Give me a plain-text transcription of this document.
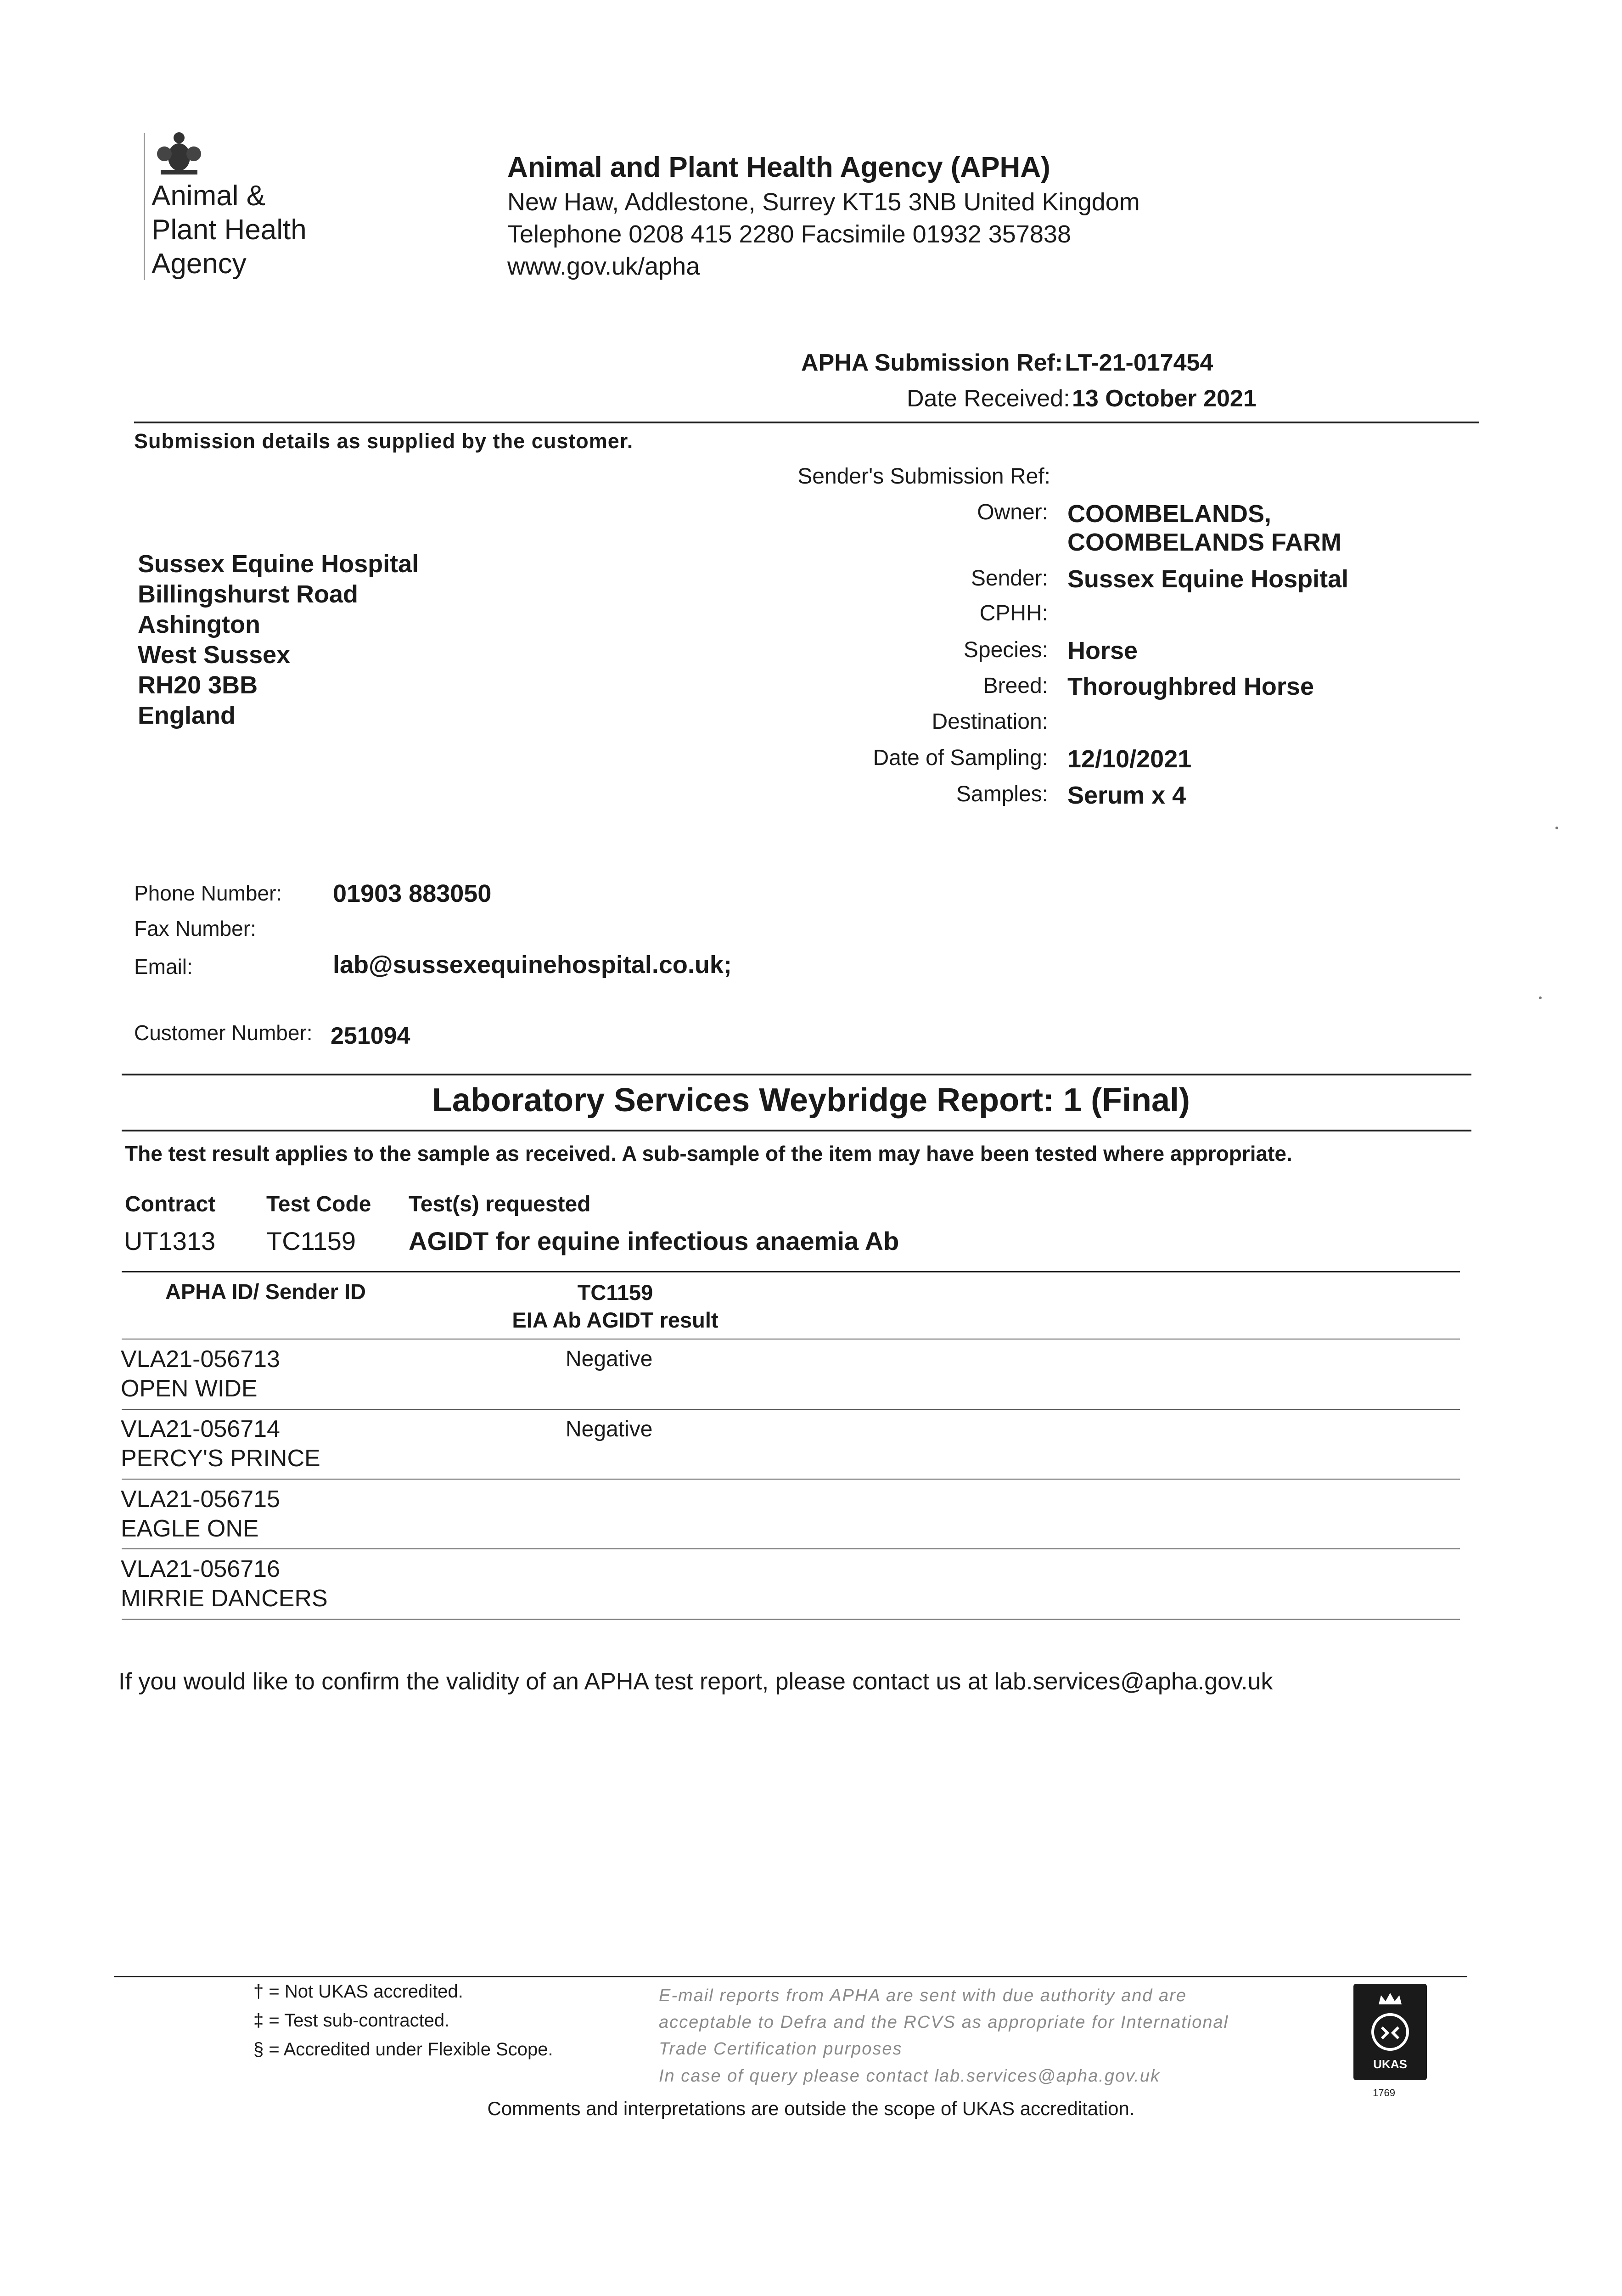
Animal &
Plant Health
Agency
Animal and Plant Health Agency (APHA)
New Haw, Addlestone, Surrey KT15 3NB United Kingdom
Telephone 0208 415 2280 Facsimile 01932 357838
www.gov.uk/apha
APHA Submission Ref: LT-21-017454
Date Received: 13 October 2021
Submission details as supplied by the customer.
Sussex Equine Hospital
Billingshurst Road
Ashington
West Sussex
RH20 3BB
England
Sender's Submission Ref:
Owner: COOMBELANDS,
COOMBELANDS FARM
Sender: Sussex Equine Hospital
CPHH:
Species: Horse
Breed: Thoroughbred Horse
Destination:
Date of Sampling: 12/10/2021
Samples: Serum x 4
Phone Number: 01903 883050
Fax Number:
Email:	lab@sussexequinehospital.co.uk;
Customer Number: 251094
Laboratory Services Weybridge Report: 1 (Final)
The test result applies to the sample as received. A sub-sample of the item may have been tested where appropriate.
Contract Test Code Test(s) requested
UT1313 TC1159 AGIDT for equine infectious anaemia Ab
APHA ID/ Sender ID	TC1159
EIA Ab AGIDT result
VLA21-056713
OPEN WIDE
Negative
VLA21-056714
PERCY'S PRINCE
Negative
VLA21-056715
EAGLE ONE
VLA21-056716
MIRRIE DANCERS
If you would like to confirm the validity of an APHA test report, please contact us at lab.services@apha.gov.uk
† = Not UKAS accredited.
‡ = Test sub-contracted.
§ = Accredited under Flexible Scope.
E-mail reports from APHA are sent with due authority and are
acceptable to Defra and the RCVS as appropriate for International
Trade Certification purposes
In case of query please contact lab.services@apha.gov.uk
UKAS
1769
Comments and interpretations are outside the scope of UKAS accreditation.
